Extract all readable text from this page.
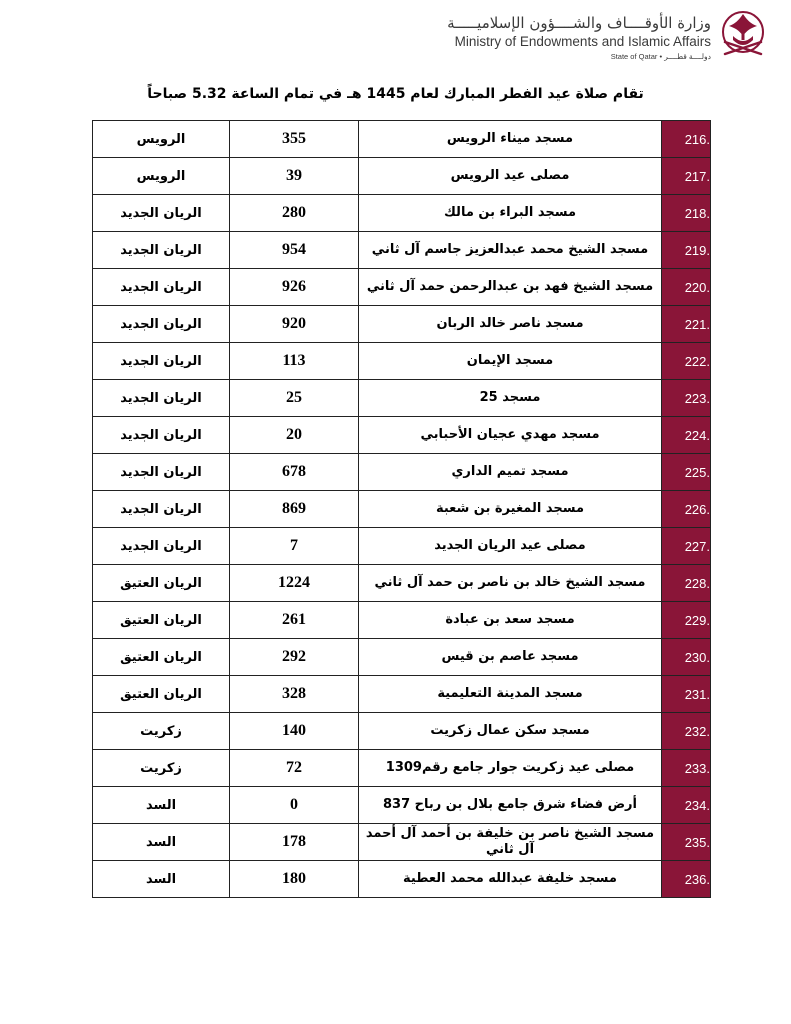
وزارة الأوقــــاف والشــــؤون الإسلاميـــــة
Ministry of Endowments and Islamic Affairs
State of Qatar • دولــــة قطــــر
تقام صلاة عيد الفطر المبارك لعام 1445 هـ في تمام الساعة 5.32 صباحاً
216.	مسجد ميناء الرويس	355	الرويس
217.	مصلى عيد الرويس	39	الرويس
218.	مسجد البراء بن مالك	280	الريان الجديد
219.	مسجد الشيخ محمد عبدالعزيز جاسم آل ثاني	954	الريان الجديد
220.	مسجد الشيخ فهد بن عبدالرحمن حمد آل ثاني	926	الريان الجديد
221.	مسجد ناصر خالد الربان	920	الريان الجديد
222.	مسجد الإيمان	113	الريان الجديد
223.	مسجد 25	25	الريان الجديد
224.	مسجد مهدي عجيان الأحبابي	20	الريان الجديد
225.	مسجد تميم الداري	678	الريان الجديد
226.	مسجد المغيرة بن شعبة	869	الريان الجديد
227.	مصلى عيد الريان الجديد	7	الريان الجديد
228.	مسجد الشيخ خالد بن ناصر بن حمد آل ثاني	1224	الريان العتيق
229.	مسجد سعد بن عبادة	261	الريان العتيق
230.	مسجد عاصم بن قيس	292	الريان العتيق
231.	مسجد المدينة التعليمية	328	الريان العتيق
232.	مسجد سكن عمال زكريت	140	زكريت
233.	مصلى عيد زكريت جوار جامع رقم1309	72	زكريت
234.	أرض فضاء شرق جامع بلال بن رباح 837	0	السد
235.	مسجد الشيخ ناصر بن خليفة بن أحمد آل أحمد آل ثاني	178	السد
236.	مسجد خليفة عبدالله محمد العطية	180	السد
